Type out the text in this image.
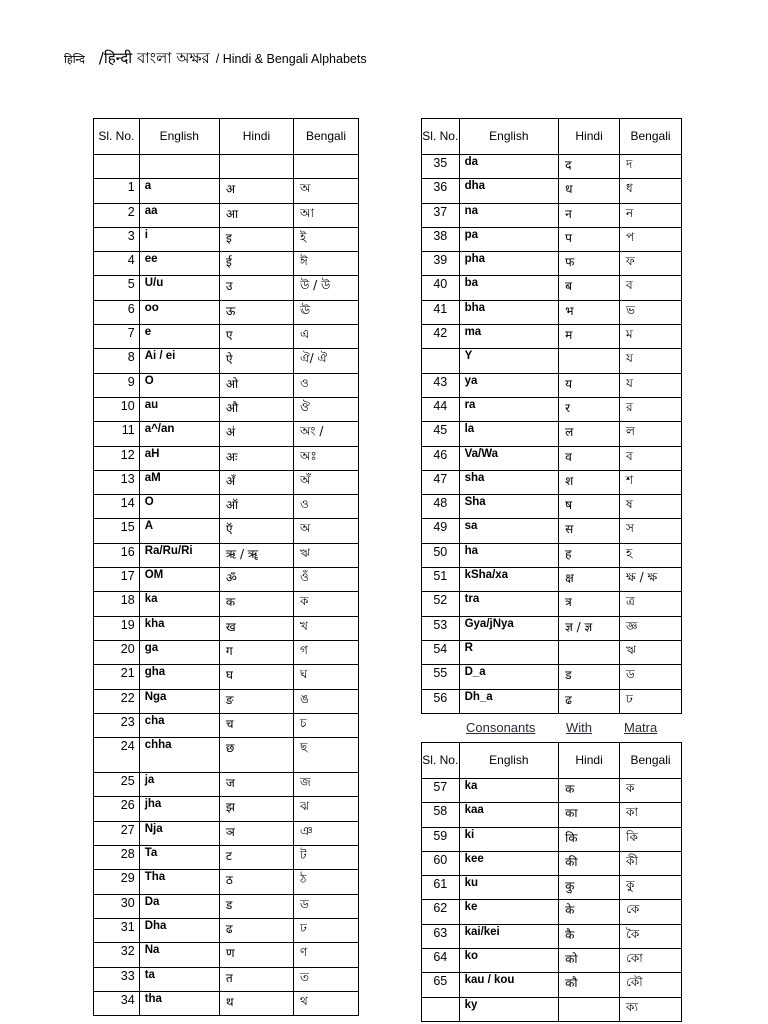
हिन्दि /हिन्दी বাংলা অক্ষর / Hindi & Bengali Alphabets
Sl. No.	English	Hindi	Bengali

1	a	अ	অ
2	aa	आ	আ
3	i	इ	ই
4	ee	ई	ঈ
5	U/u	उ	উ / উ
6	oo	ऊ	ঊ
7	e	ए	এ
8	Ai / ei	ऐ	ঐ/ ঐ
9	O	ओ	ও
10	au	औ	ঔ
11	a^/an	अं	অং /
12	aH	अः	অঃ
13	aM	अँ	অঁ
14	O	ऑ	ও
15	A	ऍ	অ
16	Ra/Ru/Ri	ऋ / ॠ	ঋ
17	OM	ॐ	ওঁ
18	ka	क	ক
19	kha	ख	খ
20	ga	ग	গ
21	gha	घ	ঘ
22	Nga	ङ	ঙ
23	cha	च	চ
24	chha	छ	ছ
25	ja	ज	জ
26	jha	झ	ঝ
27	Nja	ञ	ঞ
28	Ta	ट	ট
29	Tha	ठ	ঠ
30	Da	ड	ড
31	Dha	ढ	ঢ
32	Na	ण	ণ
33	ta	त	ত
34	tha	थ	থ
Sl. No.	English	Hindi	Bengali
35	da	द	দ
36	dha	ध	ধ
37	na	न	ন
38	pa	प	প
39	pha	फ	ফ
40	ba	ब	ব
41	bha	भ	ভ
42	ma	म	ম
	Y		য
43	ya	य	য
44	ra	र	র
45	la	ल	ল
46	Va/Wa	व	ব
47	sha	श	শ
48	Sha	ष	ষ
49	sa	स	স
50	ha	ह	হ
51	kSha/xa	क्ष	ক্ষ / ক্ষ
52	tra	त्र	ত্র
53	Gya/jNya	ज्ञ / ज्ञ	জ্ঞ
54	R		ঋ
55	D_a	ड	ড
56	Dh_a	ढ	ঢ
Consonants With Matra
Sl. No.	English	Hindi	Bengali
57	ka	क	ক
58	kaa	का	কা
59	ki	कि	কি
60	kee	की	কী
61	ku	कु	কু
62	ke	के	কে
63	kai/kei	कै	কৈ
64	ko	को	কো
65	kau / kou	कौ	কৌ
	ky		ক্য
